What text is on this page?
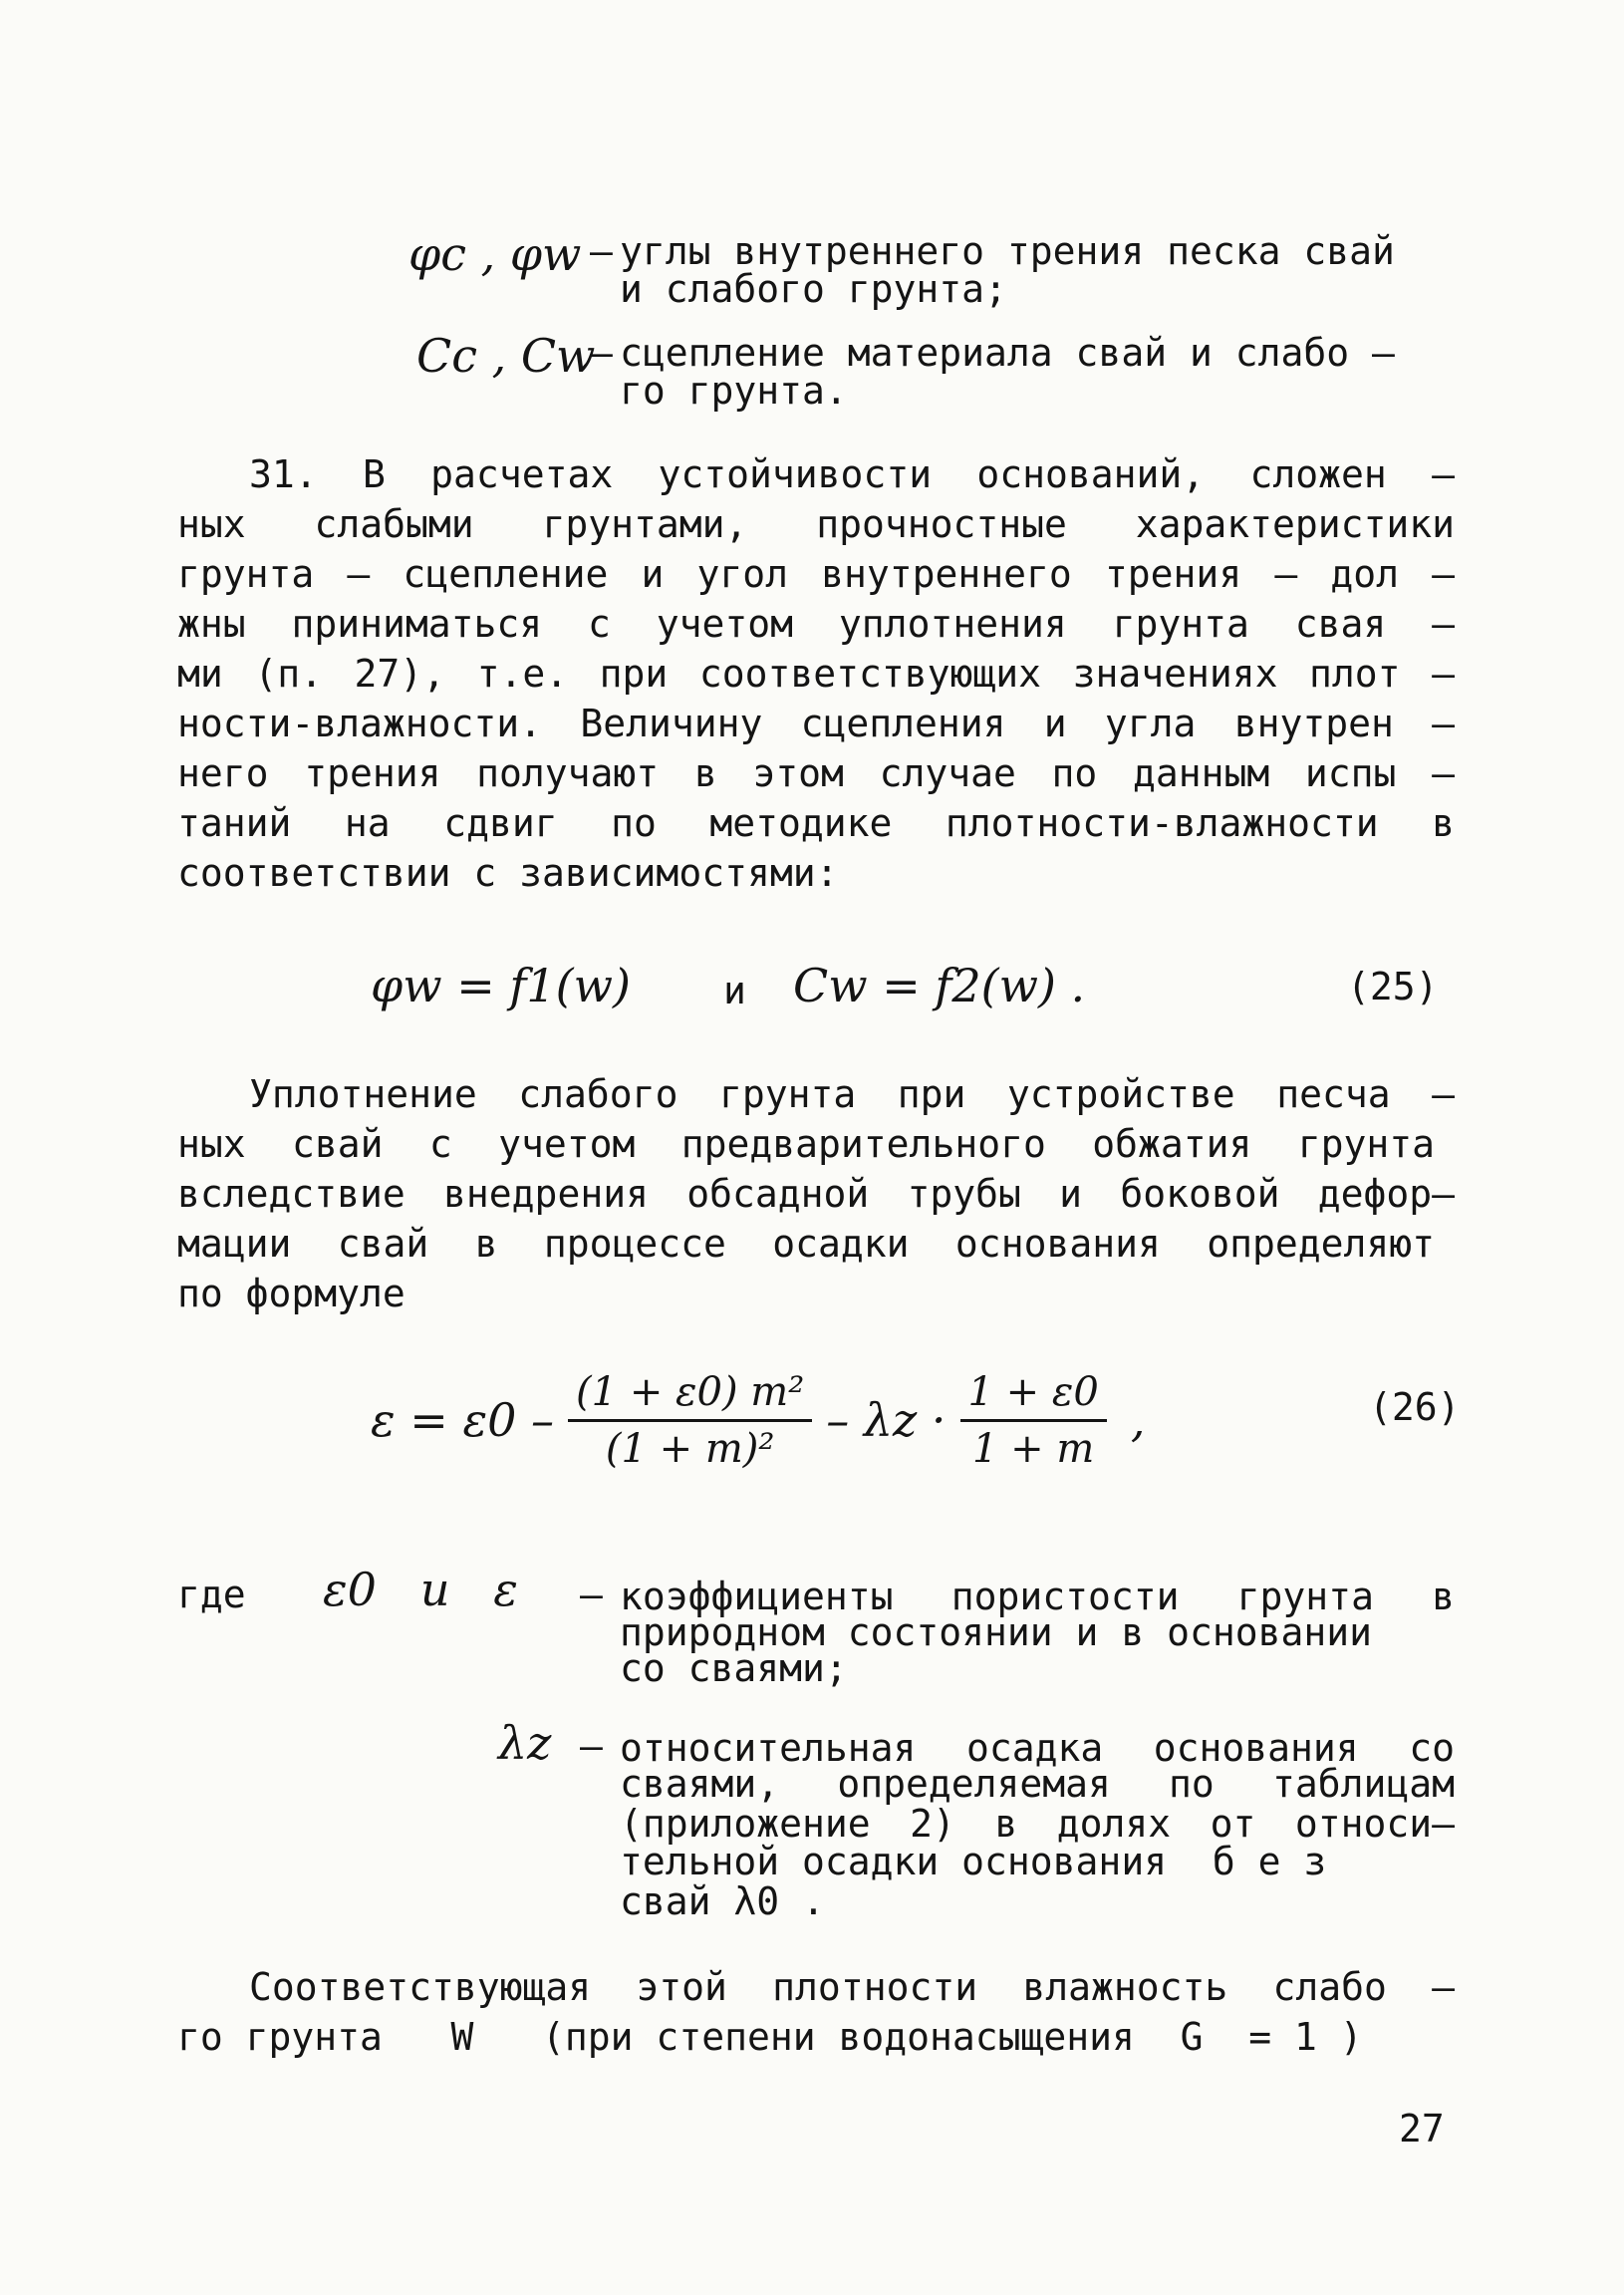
φc , φw – углы внутреннего трения песка свай
и слабого грунта;
Cc , Cw
– сцепление материала свай и слабо –
го грунта.
31. В расчетах устойчивости оснований, сложен –
ных слабыми грунтами, прочностные характеристики
грунта – сцепление и угол внутреннего трения – дол –
жны приниматься с учетом уплотнения грунта свая –
ми (п. 27), т.е. при соответствующих значениях плот –
ности-влажности. Величину сцепления и угла внутрен –
него трения получают в этом случае по данным испы –
таний на сдвиг по методике плотности-влажности в
соответствии с зависимостями:
φw = f1(w) и Cw = f2(w) .	(25)
Уплотнение слабого грунта при устройстве песча –
ных свай с учетом предварительного обжатия грунта
вследствие внедрения обсадной трубы и боковой дефор–
мации свай в процессе осадки основания определяют
по формуле
$\varepsilon = \varepsilon 0 - \frac{\text{(1 + ε0) m²}}{\text{(1 + m)²}} - \lambda z \cdot \frac{1 + \varepsilon 0}{1 + m}$ ,	(26)
где ε0   и   ε – коэффициенты пористости грунта в
природном состоянии и в основании
со сваями;
λz – относительная осадка основания со
сваями, определяемая по таблицам
(приложение 2) в долях от относи–
тельной осадки основания  б е з
свай λ0 .
Соответствующая этой плотности влажность слабо –
го грунта   W   (при степени водонасыщения  G  = 1 )
27
